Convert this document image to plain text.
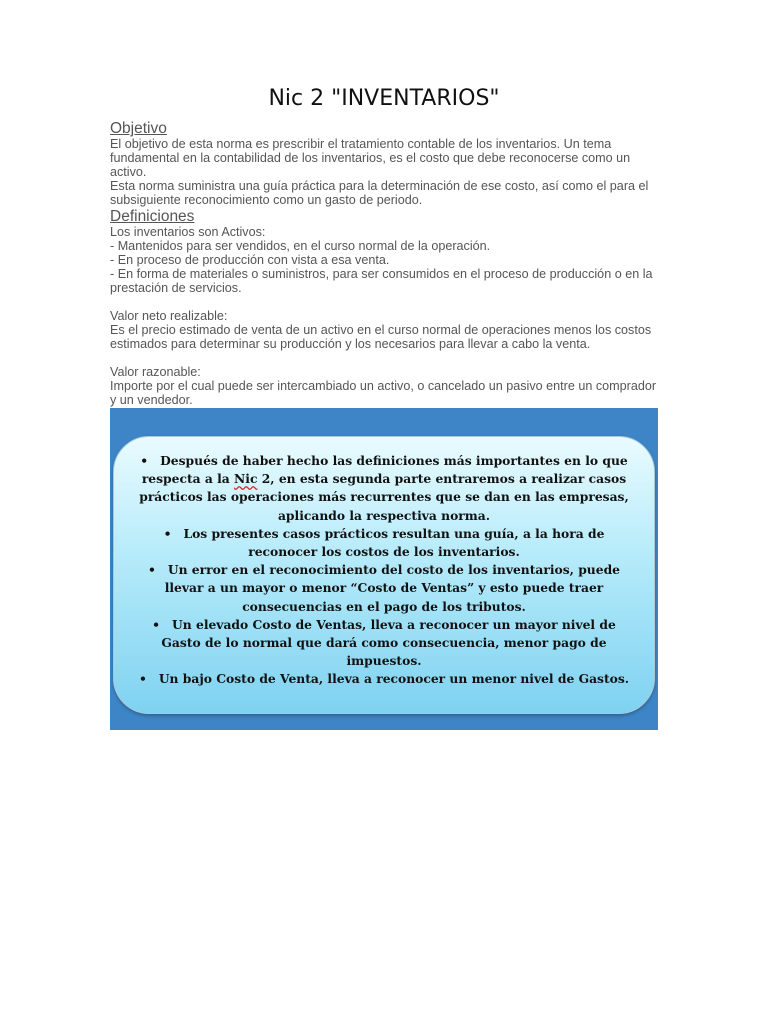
Nic 2 "INVENTARIOS"

Objetivo

El objetivo de esta norma es prescribir el tratamiento contable de los inventarios. Un tema fundamental en la contabilidad de los inventarios, es el costo que debe reconocerse como un activo.

Esta norma suministra una guía práctica para la determinación de ese costo, así como el para el subsiguiente reconocimiento como un gasto de periodo.

Definiciones

Los inventarios son Activos:

- Mantenidos para ser vendidos, en el curso normal de la operación.

- En proceso de producción con vista a esa venta.

- En forma de materiales o suministros, para ser consumidos en el proceso de producción o en la prestación de servicios.

Valor neto realizable:

Es el precio estimado de venta de un activo en el curso normal de operaciones menos los costos estimados para determinar su producción y los necesarios para llevar a cabo la venta.

Valor razonable:

Importe por el cual puede ser intercambiado un activo, o cancelado un pasivo entre un comprador y un vendedor.

• Después de haber hecho las definiciones más importantes en lo que respecta a la Nic 2, en esta segunda parte entraremos a realizar casos prácticos las operaciones más recurrentes que se dan en las empresas, aplicando la respectiva norma.
• Los presentes casos prácticos resultan una guía, a la hora de reconocer los costos de los inventarios.
• Un error en el reconocimiento del costo de los inventarios, puede llevar a un mayor o menor “Costo de Ventas” y esto puede traer consecuencias en el pago de los tributos.
• Un elevado Costo de Ventas, lleva a reconocer un mayor nivel de Gasto de lo normal que dará como consecuencia, menor pago de impuestos.
• Un bajo Costo de Venta, lleva a reconocer un menor nivel de Gastos.
